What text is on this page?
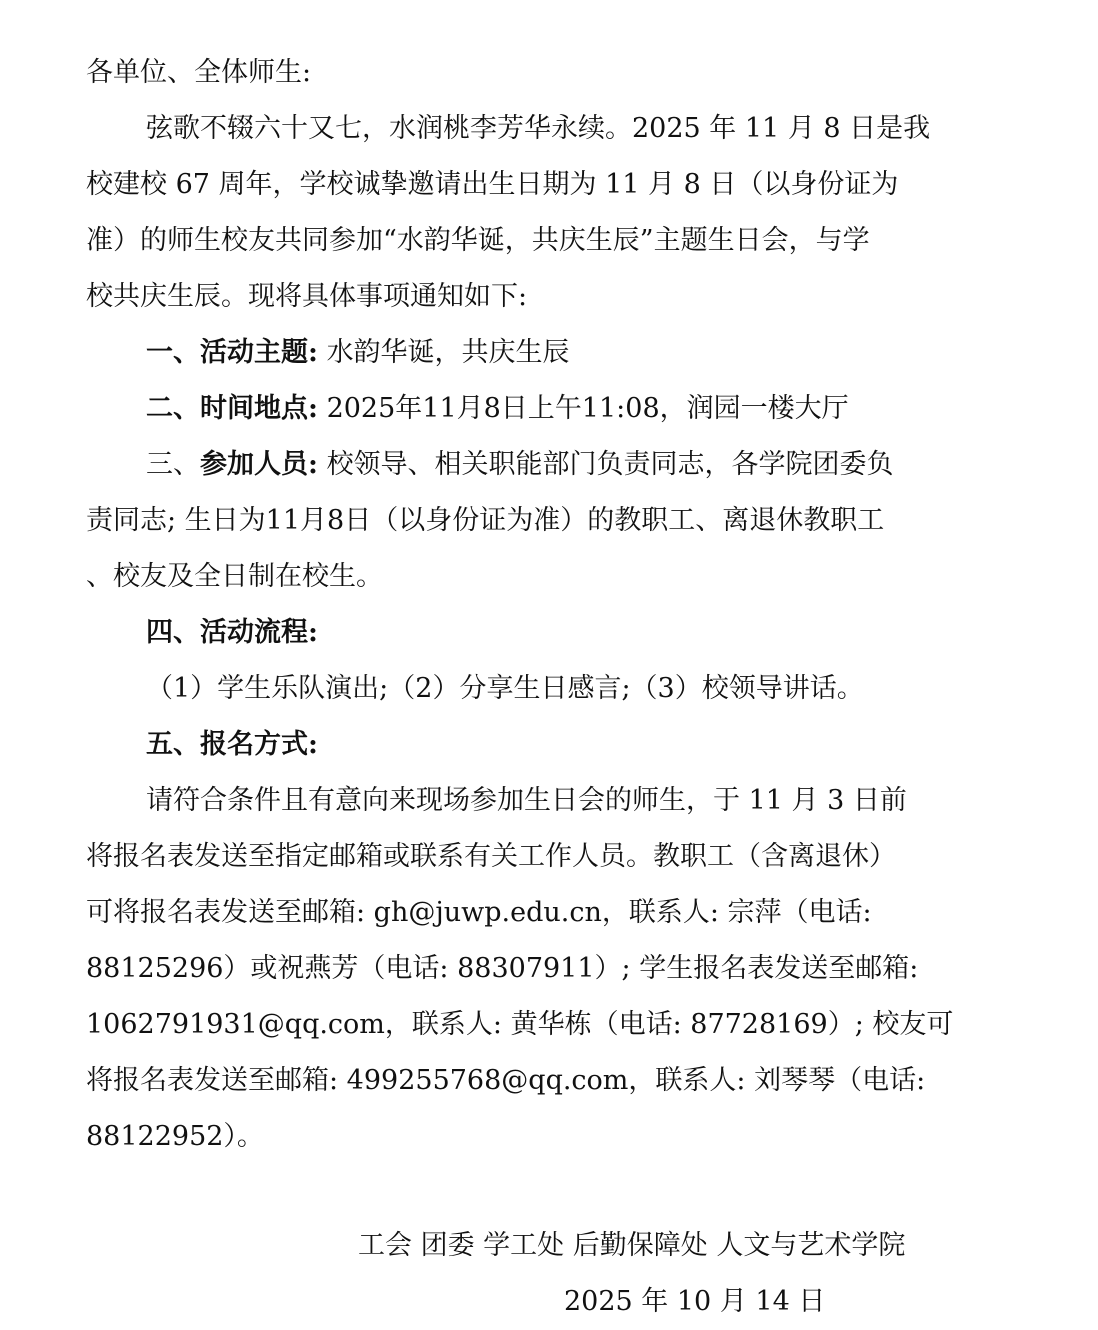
各单位、全体师生:
弦歌不辍六十又七，水润桃李芳华永续。2025 年 11 月 8 日是我
校建校 67 周年，学校诚挚邀请出生日期为 11 月 8 日（以身份证为
准）的师生校友共同参加“水韵华诞，共庆生辰”主题生日会，与学
校共庆生辰。现将具体事项通知如下:
一、活动主题: 水韵华诞，共庆生辰
二、时间地点: 2025年11月8日上午11:08，润园一楼大厅
三、参加人员: 校领导、相关职能部门负责同志，各学院团委负
责同志; 生日为11月8日（以身份证为准）的教职工、离退休教职工
、校友及全日制在校生。
四、活动流程:
（1）学生乐队演出;（2）分享生日感言;（3）校领导讲话。
五、报名方式:
请符合条件且有意向来现场参加生日会的师生，于 11 月 3 日前
将报名表发送至指定邮箱或联系有关工作人员。教职工（含离退休）
可将报名表发送至邮箱: gh@juwp.edu.cn，联系人: 宗萍（电话:
88125296）或祝燕芳（电话: 88307911）; 学生报名表发送至邮箱:
1062791931@qq.com，联系人: 黄华栋（电话: 87728169）; 校友可
将报名表发送至邮箱: 499255768@qq.com，联系人: 刘琴琴（电话:
88122952）。
工会 团委 学工处 后勤保障处 人文与艺术学院
2025 年 10 月 14 日
